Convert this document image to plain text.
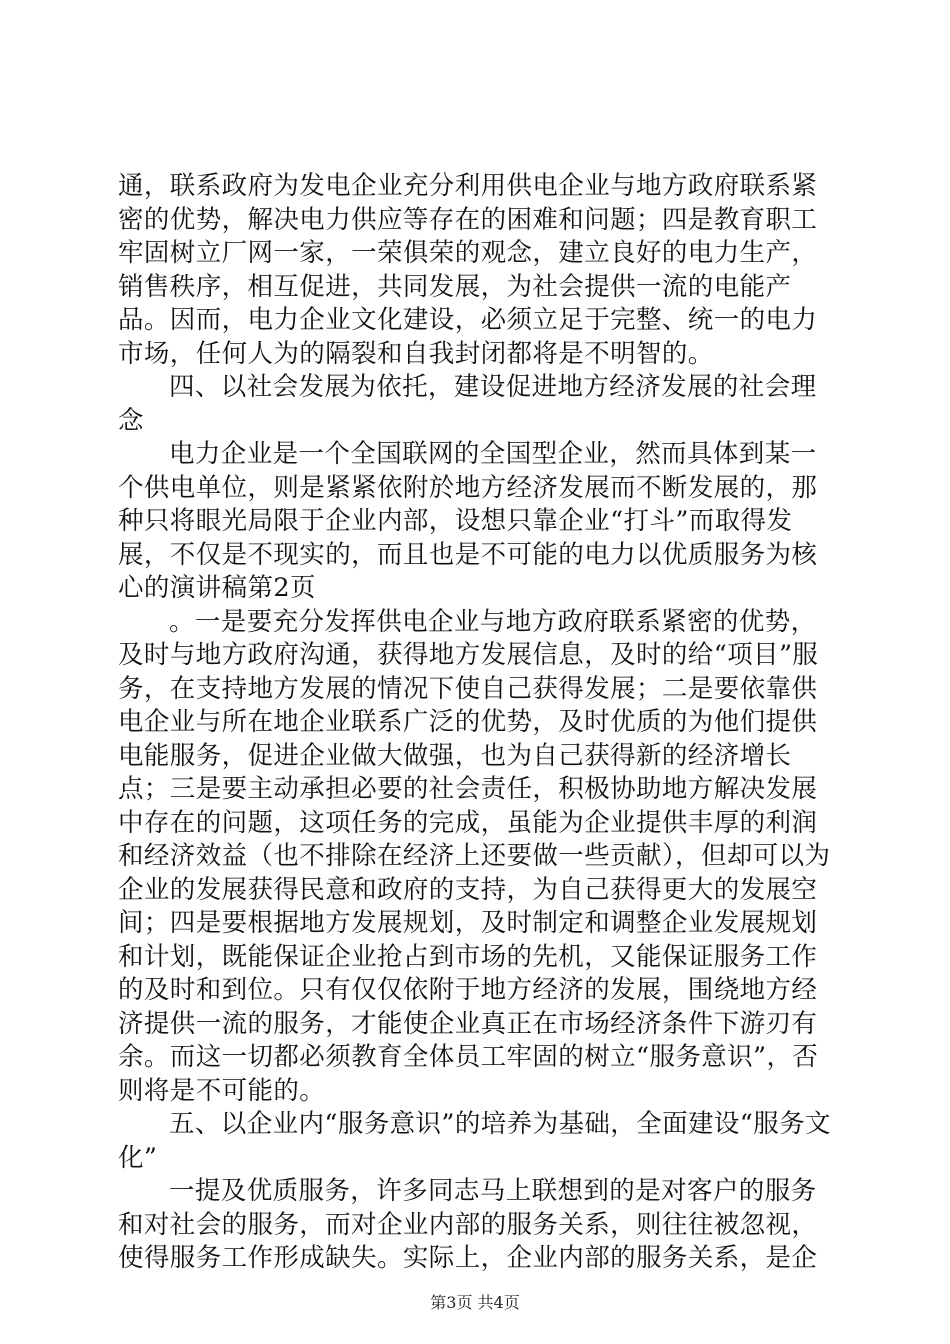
通，联系政府为发电企业充分利用供电企业与地方政府联系紧密的优势，解决电力供应等存在的困难和问题；四是教育职工牢固树立厂网一家，一荣俱荣的观念，建立良好的电力生产，销售秩序，相互促进，共同发展，为社会提供一流的电能产品。因而，电力企业文化建设，必须立足于完整、统一的电力市场，任何人为的隔裂和自我封闭都将是不明智的。

四、以社会发展为依托，建设促进地方经济发展的社会理念

电力企业是一个全国联网的全国型企业，然而具体到某一个供电单位，则是紧紧依附於地方经济发展而不断发展的，那种只将眼光局限于企业内部，设想只靠企业“打斗”而取得发展，不仅是不现实的，而且也是不可能的电力以优质服务为核心的演讲稿第2页

。一是要充分发挥供电企业与地方政府联系紧密的优势，及时与地方政府沟通，获得地方发展信息，及时的给“项目”服务，在支持地方发展的情况下使自己获得发展；二是要依靠供电企业与所在地企业联系广泛的优势，及时优质的为他们提供电能服务，促进企业做大做强，也为自己获得新的经济增长点；三是要主动承担必要的社会责任，积极协助地方解决发展中存在的问题，这项任务的完成，虽能为企业提供丰厚的利润和经济效益（也不排除在经济上还要做一些贡献），但却可以为企业的发展获得民意和政府的支持，为自己获得更大的发展空间；四是要根据地方发展规划，及时制定和调整企业发展规划和计划，既能保证企业抢占到市场的先机，又能保证服务工作的及时和到位。只有仅仅依附于地方经济的发展，围绕地方经济提供一流的服务，才能使企业真正在市场经济条件下游刃有余。而这一切都必须教育全体员工牢固的树立“服务意识”，否则将是不可能的。

五、以企业内“服务意识”的培养为基础，全面建设“服务文化”

一提及优质服务，许多同志马上联想到的是对客户的服务和对社会的服务，而对企业内部的服务关系，则往往被忽视，使得服务工作形成缺失。实际上，企业内部的服务关系，是企

第3页 共4页
